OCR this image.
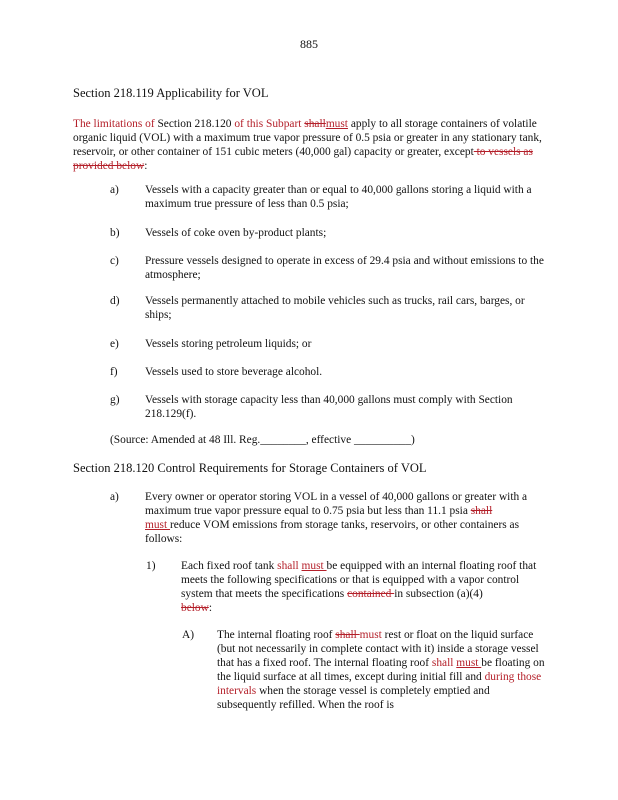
885
Section 218.119 Applicability for VOL
The limitations of Section 218.120 of this Subpart shallmust apply to all storage containers of volatile organic liquid (VOL) with a maximum true vapor pressure of 0.5 psia or greater in any stationary tank, reservoir, or other container of 151 cubic meters (40,000 gal) capacity or greater, except to vessels as provided below:
a) Vessels with a capacity greater than or equal to 40,000 gallons storing a liquid with a maximum true pressure of less than 0.5 psia;
b) Vessels of coke oven by-product plants;
c) Pressure vessels designed to operate in excess of 29.4 psia and without emissions to the atmosphere;
d) Vessels permanently attached to mobile vehicles such as trucks, rail cars, barges, or ships;
e) Vessels storing petroleum liquids; or
f) Vessels used to store beverage alcohol.
g) Vessels with storage capacity less than 40,000 gallons must comply with Section 218.129(f).
(Source: Amended at 48 Ill. Reg.________, effective __________)
Section 218.120 Control Requirements for Storage Containers of VOL
a) Every owner or operator storing VOL in a vessel of 40,000 gallons or greater with a maximum true vapor pressure equal to 0.75 psia but less than 11.1 psia shall
must reduce VOM emissions from storage tanks, reservoirs, or other containers as follows:
1) Each fixed roof tank shall must be equipped with an internal floating roof that meets the following specifications or that is equipped with a vapor control system that meets the specifications contained in subsection (a)(4)
below:
A) The internal floating roof shall must rest or float on the liquid surface (but not necessarily in complete contact with it) inside a storage vessel that has a fixed roof. The internal floating roof shall must be floating on the liquid surface at all times, except during initial fill and during those intervals when the storage vessel is completely emptied and subsequently refilled. When the roof is
